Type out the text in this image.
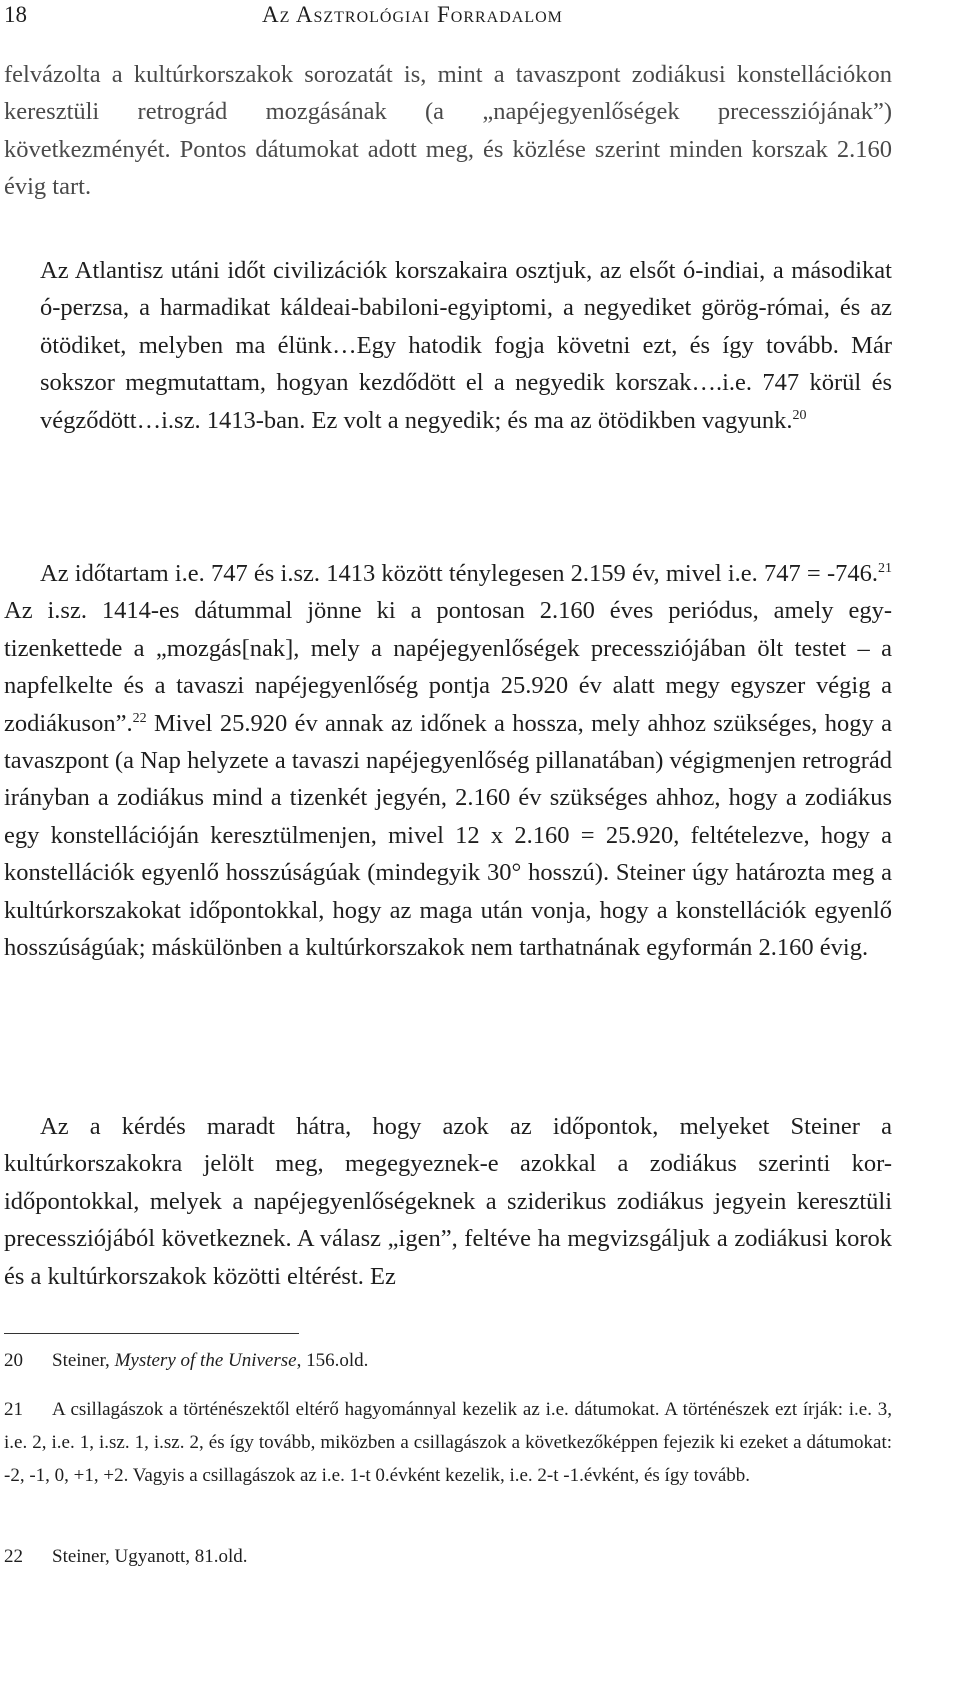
18	Az Asztrológiai Forradalom

felvázolta a kultúrkorszakok sorozatát is, mint a tavaszpont zodiákusi konstellációkon keresztüli retrográd mozgásának (a „napéjegyenlőségek precessziójának”) következményét. Pontos dátumokat adott meg, és közlése szerint minden korszak 2.160 évig tart.

Az Atlantisz utáni időt civilizációk korszakaira osztjuk, az elsőt ó-indiai, a másodikat ó-perzsa, a harmadikat káldeai-babiloni-egyiptomi, a negyediket görög-római, és az ötödiket, melyben ma élünk…Egy hatodik fogja követni ezt, és így tovább. Már sokszor megmutattam, hogyan kezdődött el a negyedik korszak….i.e. 747 körül és végződött…i.sz. 1413-ban. Ez volt a negyedik; és ma az ötödikben vagyunk.$^{20}$

Az időtartam i.e. 747 és i.sz. 1413 között ténylegesen 2.159 év, mivel i.e. 747 = -746.21 Az i.sz. 1414-es dátummal jönne ki a pontosan 2.160 éves periódus, amely egy-tizenkettede a „mozgás[nak], mely a napéjegyenlőségek precessziójában ölt testet – a napfelkelte és a tavaszi napéjegyenlőség pontja 25.920 év alatt megy egyszer végig a zodiákuson”.$^{22}$ Mivel 25.920 év annak az időnek a hossza, mely ahhoz szükséges, hogy a tavaszpont (a Nap helyzete a tavaszi napéjegyenlőség pillanatában) végigmenjen retrográd irányban a zodiákus mind a tizenkét jegyén, 2.160 év szükséges ahhoz, hogy a zodiákus egy konstellációján keresztülmenjen, mivel 12 x 2.160 = 25.920, feltételezve, hogy a konstellációk egyenlő hosszúságúak (mindegyik 30° hosszú). Steiner úgy határozta meg a kultúrkorszakokat időpontokkal, hogy az maga után vonja, hogy a konstellációk egyenlő hosszúságúak; máskülönben a kultúrkorszakok nem tarthatnának egyformán 2.160 évig.

Az a kérdés maradt hátra, hogy azok az időpontok, melyeket Steiner a kultúrkorszakokra jelölt meg, megegyeznek-e azokkal a zodiákus szerinti kor-időpontokkal, melyek a napéjegyenlőségeknek a sziderikus zodiákus jegyein keresztüli precessziójából következnek. A válasz „igen”, feltéve ha megvizsgáljuk a zodiákusi korok és a kultúrkorszakok közötti eltérést. Ez

20 Steiner, Mystery of the Universe, 156.old.

21 A csillagászok a történészektől eltérő hagyománnyal kezelik az i.e. dátumokat. A történészek ezt írják: i.e. 3, i.e. 2, i.e. 1, i.sz. 1, i.sz. 2, és így tovább, miközben a csillagászok a következőképpen fejezik ki ezeket a dátumokat: -2, -1, 0, +1, +2. Vagyis a csillagászok az i.e. 1-t 0.évként kezelik, i.e. 2-t -1.évként, és így tovább.

22 Steiner, Ugyanott, 81.old.
